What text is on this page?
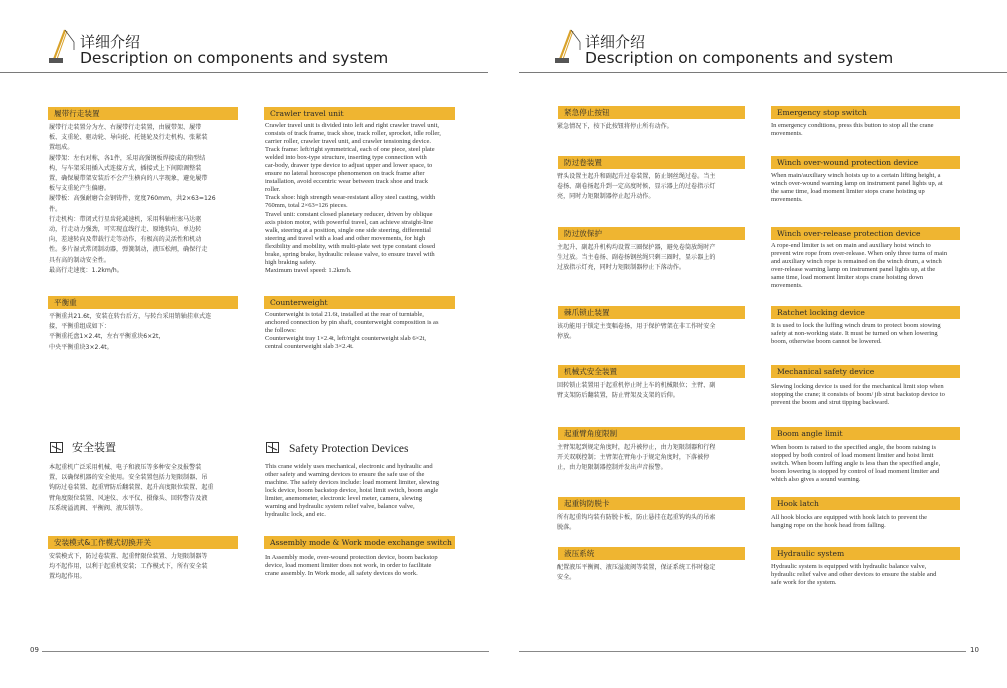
详细介绍
Description on components and system
详细介绍
Description on components and system
履带行走装置
履带行走装置分为左、右履带行走装置，由履带架、履带
板、支重轮、驱动轮、导向轮、托链轮及行走机构、张紧装
置组成。
履带架：左右对称，各1件，采用高强钢板焊接成的箱型结
构，与车架采用插入式连接方式，插接式上下间隙调整装
置，确保履带架安装后不会产生横向的八字现象，避免履带
板与支重轮产生偏磨。
履带板：高强耐磨合金钢铸件，宽度760mm，共2×63=126
件。
行走机构：带闭式行星齿轮减速机，采用科轴柱塞马达驱
动，行走动力强劲，可实现直线行走、原地转向、单边转
向，差速转向及带载行走等动作，有极高的灵活性和机动
性。多片湿式常闭制动器，弹簧制动，液压松闸，确保行走
具有高的制动安全性。
最高行走速度：1.2km/h。
Crawler travel unit
Crawler travel unit is divided into left and right crawler travel unit,
consists of track frame, track shoe, track roller, sprocket, idle roller,
carrier roller, crawler travel unit, and crawler tensioning device.
Track frame: left/right symmetrical, each of one piece, steel plate
welded into box-type structure, inserting type connection with
car-body, drawer type device to adjust upper and lower space, to
ensure no lateral horoscope phenomenon on track frame after
installation, avoid eccentric wear between track shoe and track
roller.
Track shoe: high strength wear-resistant alloy steel casting, width
760mm, total 2×63=126 pieces.
Travel unit: constant closed planetary reducer, driven by oblique
axis piston motor, with powerful travel, can achieve straight-line
walk, steering at a position, single one side steering, differential
steering and travel with a load and other movements, for high
flexibility and mobility, with multi-plate wet type constant closed
brake, spring brake, hydraulic release valve, to ensure travel with
high braking safety.
Maximum travel speed: 1.2km/h.
平衡重
平衡重共21.6t，安装在转台后方，与转台采用销轴挂車式连
接，平衡重组成如下：
平衡重托盘1×2.4t，左右平衡重块6×2t，
中央平衡重块3×2.4t。
Counterweight
Counterweight is total 21.6t, installed at the rear of turntable,
anchored connection by pin shaft, counterweight composition is as
the follows:
Counterweight tray 1×2.4t, left/right counterweight slab 6×2t,
central counterweight slab 3×2.4t.
安全装置
本起重机广泛采用机械、电子和液压等多种安全及报警装
置，以确保机器的安全使用。安全装置包括力矩限制器、吊
钩防过卷装置、起重臂防后翻装置、起升高度限位装置、起重
臂角度限位装置、风速仪、水平仪、摄像头、回转警告及液
压系统溢流阀、平衡阀、液压锁等。
Safety Protection Devices
This crane widely uses mechanical, electronic and hydraulic and
other safety and warning devices to ensure the safe use of the
machine. The safety devices include: load moment limiter, slewing
lock device, boom backstop device, hoist limit switch, boom angle
limiter, anemometer, electronic level meter, camera, slewing
warning and hydraulic system relief valve, balance valve,
hydraulic lock, and etc.
安装模式&工作模式切换开关
安装模式下，防过卷装置、起重臂限位装置、力矩限制器等
均不起作用，以利于起重机安装；工作模式下，所有安全装
置均起作用。
Assembly mode & Work mode exchange switch
In Assembly mode, over-wound protection device, boom backstop
device, load moment limiter does not work, in order to facilitate
crane assembly. In Work mode, all safety devices do work.
紧急停止按钮
紧急情况下，按下此按钮将停止所有动作。
Emergency stop switch
In emergency conditions, press this button to stop all the crane
movements.
防过卷装置
臂头设置主起升和副起升过卷装置，防止钢丝绳过卷。当主
卷扬、副卷扬起升到一定高度时候，显示器上的过卷指示灯
亮，同时力矩限制器停止起升动作。
Winch over-wound protection device
When main/auxiliary winch hoists up to a certain lifting height, a
winch over-wound warning lamp on instrument panel lights up, at
the same time, load moment limiter stops crane hoisting up
movements.
防过放保护
主起升、副起升机构均设置三圈保护器，避免卷筒放绳时产
生过放。当主卷扬、副卷扬钢丝绳只剩三圈时，显示器上的
过放指示灯亮，同时力矩限制器停止下落动作。
Winch over-release protection device
A rope-end limiter is set on main and auxiliary hoist winch to
prevent wire rope from over-release. When only three turns of main
and auxiliary winch rope is remained on the winch drum, a winch
over-release warning lamp on instrument panel lights up, at the
same time, load moment limiter stops crane hoisting down
movements.
棘爪锁止装置
该功能用于锁定主变幅卷扬，用于保护臂架在非工作时安全
停放。
Ratchet locking device
It is used to lock the luffing winch drum to protect boom stowing
safety at non-working state. It must be turned on when lowering
boom, otherwise boom cannot be lowered.
机械式安全装置
回转锁止装置用于起重机停止时上车的机械限位；主臂、副
臂支架防后翻装置，防止臂架及支架的后仰。
Mechanical safety device
Slewing locking device is used for the mechanical limit stop when
stopping the crane; it consists of boom/ jib strut backstop device to
prevent the boom and strut tipping backward.
起重臂角度限制
主臂架起到规定角度时，起升被停止，由力矩限制器和行程
开关双联控制；主臂架在臂角小于规定角度时，下落被停
止，由力矩限制器控制并发出声音报警。
Boom angle limit
When boom is raised to the specified angle, the boom raising is
stopped by both control of load moment limiter and hoist limit
switch. When boom luffing angle is less than the specified angle,
boom lowering is stopped by control of load moment limiter and
which also gives a sound warning.
起重钩防脱卡
所有起重钩均装有防脱卡板，防止悬挂在起重钩钩头的吊索
脱落。
Hook latch
All hook blocks are equipped with hook latch to prevent the
hanging rope on the hook head from falling.
液压系统
配置液压平衡阀、液压溢流阀等装置，保证系统工作时稳定
安全。
Hydraulic system
Hydraulic system is equipped with hydraulic balance valve,
hydraulic relief valve and other devices to ensure the stable and
safe work for the system.
09	10
